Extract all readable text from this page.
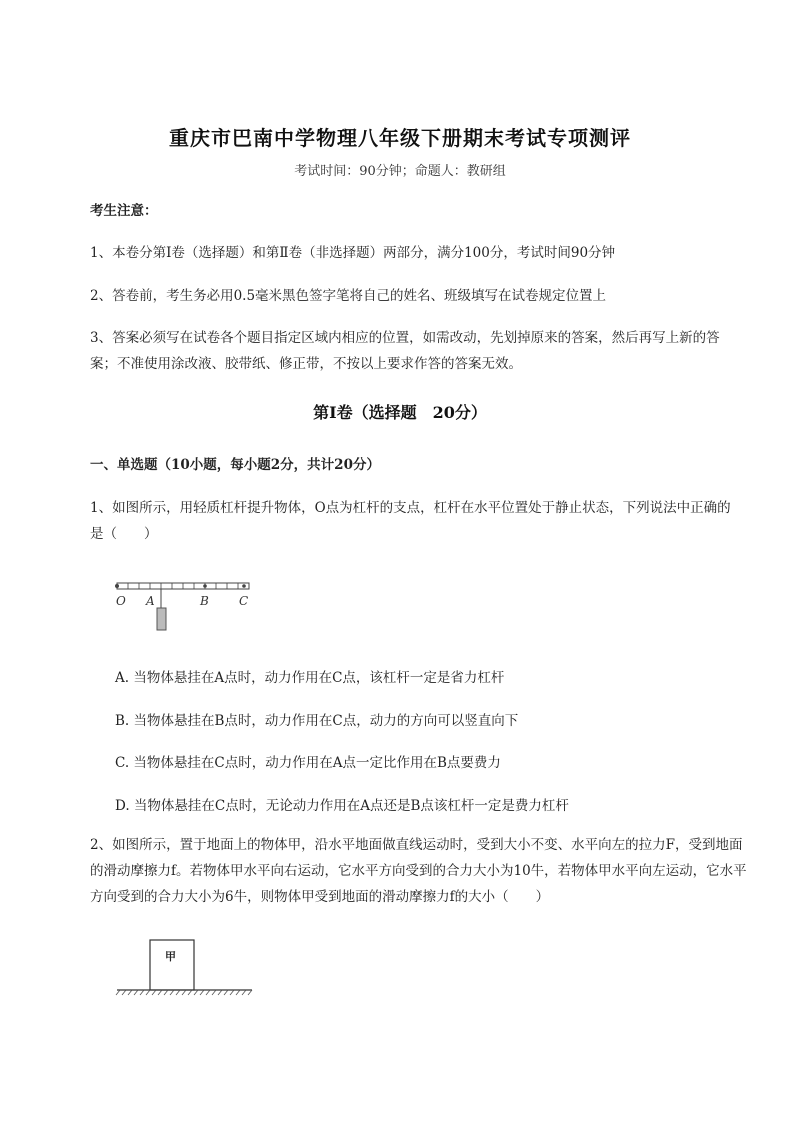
重庆市巴南中学物理八年级下册期末考试专项测评
考试时间：90分钟；命题人：教研组
考生注意：
1、本卷分第I卷（选择题）和第Ⅱ卷（非选择题）两部分，满分100分，考试时间90分钟
2、答卷前，考生务必用0.5毫米黑色签字笔将自己的姓名、班级填写在试卷规定位置上
3、答案必须写在试卷各个题目指定区域内相应的位置，如需改动，先划掉原来的答案，然后再写上新的答案；不准使用涂改液、胶带纸、修正带，不按以上要求作答的答案无效。
第I卷（选择题　20分）
一、单选题（10小题，每小题2分，共计20分）
1、如图所示，用轻质杠杆提升物体，O点为杠杆的支点，杠杆在水平位置处于静止状态，下列说法中正确的是（　　）
O A	B	C
A. 当物体悬挂在A点时，动力作用在C点，该杠杆一定是省力杠杆
B. 当物体悬挂在B点时，动力作用在C点，动力的方向可以竖直向下
C. 当物体悬挂在C点时，动力作用在A点一定比作用在B点要费力
D. 当物体悬挂在C点时，无论动力作用在A点还是B点该杠杆一定是费力杠杆
2、如图所示，置于地面上的物体甲，沿水平地面做直线运动时，受到大小不变、水平向左的拉力F，受到地面的滑动摩擦力f。若物体甲水平向右运动，它水平方向受到的合力大小为10牛，若物体甲水平向左运动，它水平方向受到的合力大小为6牛，则物体甲受到地面的滑动摩擦力f的大小（　　）
甲
